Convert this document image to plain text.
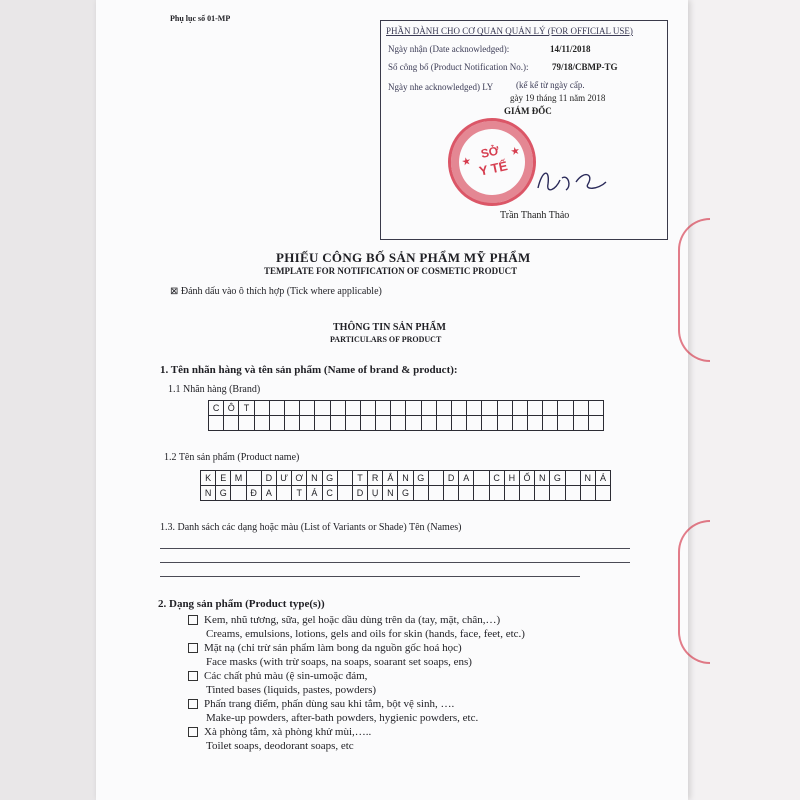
Phụ lục số 01-MP
PHẦN DÀNH CHO CƠ QUAN QUẢN LÝ (FOR OFFICIAL USE)
Ngày nhận (Date acknowledged):	14/11/2018
Số công bố (Product Notification No.):	79/18/CBMP-TG
Ngày nhe acknowledged) LY	(kể kể từ ngày cấp.
gày 19 tháng 11 năm 2018
GIÁM ĐỐC
Trần Thanh Thảo
★
★
SỞ
Y TẾ
PHIẾU CÔNG BỐ SẢN PHẨM MỸ PHẨM
TEMPLATE FOR NOTIFICATION OF COSMETIC PRODUCT
⊠ Đánh dấu vào ô thích hợp (Tick where applicable)
THÔNG TIN SẢN PHẨM
PARTICULARS OF PRODUCT
1. Tên nhãn hàng và tên sản phẩm (Name of brand & product):
1.1 Nhãn hàng (Brand)
C	Ô	T																							

1.2 Tên sản phẩm (Product name)
K	E	M		D	Ư	Ơ	N	G		T	R	Ắ	N	G		D	A		C	H	Ố	N	G		N	Á
N	G		Đ	A		T	Á	C		D	Ụ	N	G													
1.3. Danh sách các dạng hoặc màu (List of Variants or Shade) Tên (Names)
2. Dạng sản phẩm (Product type(s))
Kem, nhũ tương, sữa, gel hoặc dầu dùng trên da (tay, mặt, chân,…)
Creams, emulsions, lotions, gels and oils for skin (hands, face, feet, etc.)
Mặt nạ (chỉ trừ sản phẩm làm bong da nguồn gốc hoá học)
Face masks (with trừ soaps, na soaps, soarant set soaps, ens)
Các chất phủ màu (ệ sin-umoặc đảm,
Tinted bases (liquids, pastes, powders)
Phấn trang điểm, phấn dùng sau khi tắm, bột vệ sinh, ….
Make-up powders, after-bath powders, hygienic powders, etc.
Xà phòng tắm, xà phòng khử mùi,…..
Toilet soaps, deodorant soaps, etc
